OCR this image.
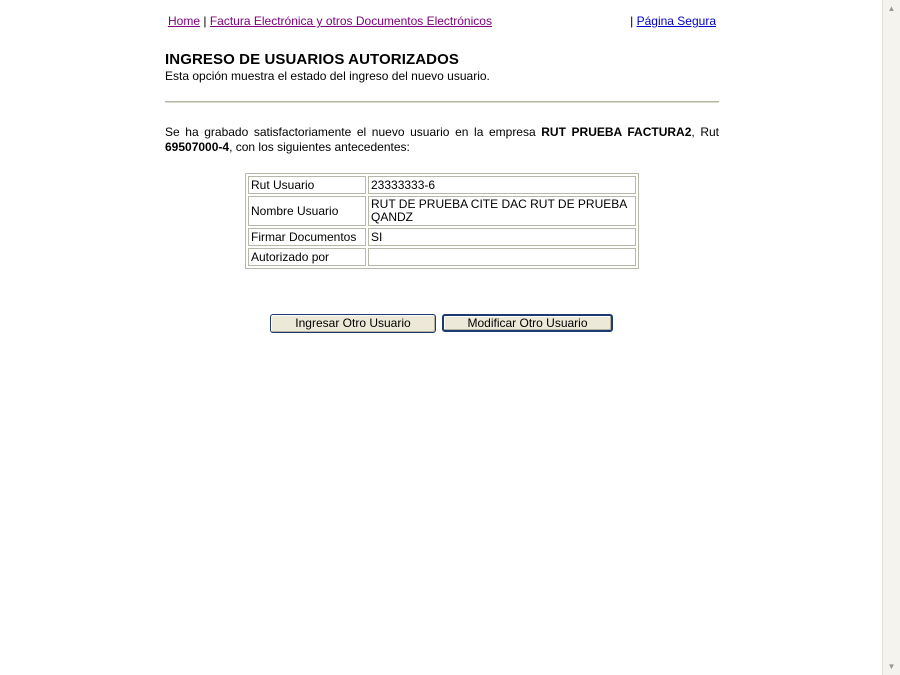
Home | Factura Electrónica y otros Documentos Electrónicos	| Página Segura
INGRESO DE USUARIOS AUTORIZADOS
Esta opción muestra el estado del ingreso del nuevo usuario.
Se ha grabado satisfactoriamente el nuevo usuario en la empresa RUT PRUEBA FACTURA2, Rut 69507000-4, con los siguientes antecedentes:
Rut Usuario	23333333-6
Nombre Usuario	RUT DE PRUEBA CITE DAC RUT DE PRUEBA QANDZ
Firmar Documentos	SI
Autorizado por	
Ingresar Otro Usuario	Modificar Otro Usuario
▲
▼
